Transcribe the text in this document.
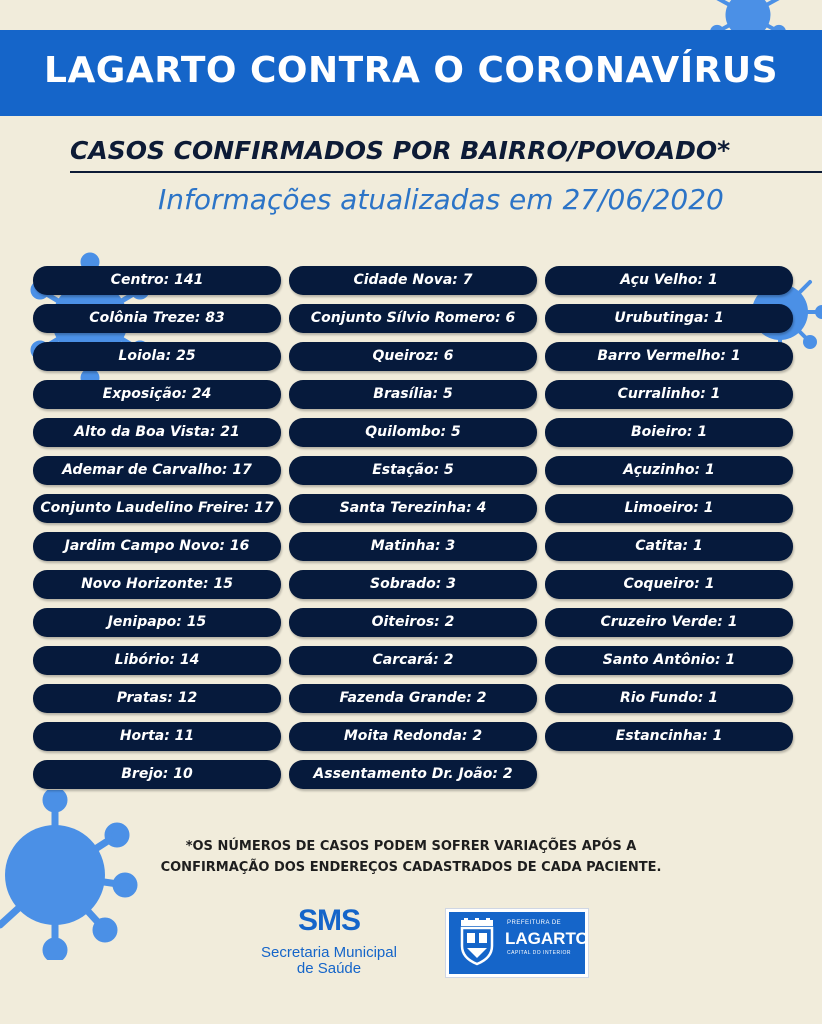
LAGARTO CONTRA O CORONAVÍRUS
CASOS CONFIRMADOS POR BAIRRO/POVOADO*
Informações atualizadas em 27/06/2020
Centro: 141
Colônia Treze: 83
Loiola: 25
Exposição: 24
Alto da Boa Vista: 21
Ademar de Carvalho: 17
Conjunto Laudelino Freire: 17
Jardim Campo Novo: 16
Novo Horizonte: 15
Jenipapo: 15
Libório: 14
Pratas: 12
Horta: 11
Brejo: 10
Cidade Nova: 7
Conjunto Sílvio Romero: 6
Queiroz: 6
Brasília: 5
Quilombo: 5
Estação: 5
Santa Terezinha: 4
Matinha: 3
Sobrado: 3
Oiteiros: 2
Carcará: 2
Fazenda Grande: 2
Moita Redonda: 2
Assentamento Dr. João: 2
Açu Velho: 1
Urubutinga: 1
Barro Vermelho: 1
Curralinho: 1
Boieiro: 1
Açuzinho: 1
Limoeiro: 1
Catita: 1
Coqueiro: 1
Cruzeiro Verde: 1
Santo Antônio: 1
Rio Fundo: 1
Estancinha: 1
*OS NÚMEROS DE CASOS PODEM SOFRER VARIAÇÕES APÓS A
CONFIRMAÇÃO DOS ENDEREÇOS CADASTRADOS DE CADA PACIENTE.
SMS
Secretaria Municipal
de Saúde
PREFEITURA DE
LAGARTO
CAPITAL DO INTERIOR
